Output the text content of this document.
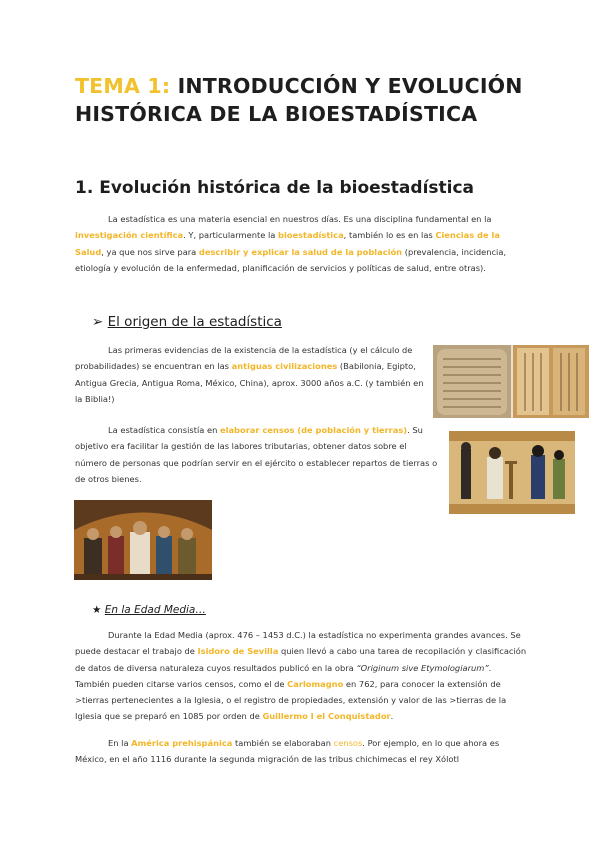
TEMA 1: INTRODUCCIÓN Y EVOLUCIÓN
HISTÓRICA DE LA BIOESTADÍSTICA
1. Evolución histórica de la bioestadística
La estadística es una materia esencial en nuestros días. Es una disciplina fundamental en la investigación científica. Y, particularmente la bioestadística, también lo es en las Ciencias de la Salud, ya que nos sirve para describir y explicar la salud de la población (prevalencia, incidencia, etiología y evolución de la enfermedad, planificación de servicios y políticas de salud, entre otras).
➢ El origen de la estadística
Las primeras evidencias de la existencia de la estadística (y el cálculo de probabilidades) se encuentran en las antiguas civilizaciones (Babilonia, Egipto, Antigua Grecia, Antigua Roma, México, China), aprox. 3000 años a.C. (y también en la Biblia!)
La estadística consistía en elaborar censos (de población y tierras). Su objetivo era facilitar la gestión de las labores tributarias, obtener datos sobre el número de personas que podrían servir en el ejército o establecer repartos de tierras o de otros bienes.
★ En la Edad Media…
Durante la Edad Media (aprox. 476 – 1453 d.C.) la estadística no experimenta grandes avances. Se puede destacar el trabajo de Isidoro de Sevilla quien llevó a cabo una tarea de recopilación y clasificación de datos de diversa naturaleza cuyos resultados publicó en la obra “Originum sive Etymologiarum”. También pueden citarse varios censos, como el de Carlomagno en 762, para conocer la extensión de >tierras pertenecientes a la Iglesia, o el registro de propiedades, extensión y valor de las >tierras de la Iglesia que se preparó en 1085 por orden de Guillermo I el Conquistador.
En la América prehispánica también se elaboraban censos. Por ejemplo, en lo que ahora es México, en el año 1116 durante la segunda migración de las tribus chichimecas el rey Xólotl
